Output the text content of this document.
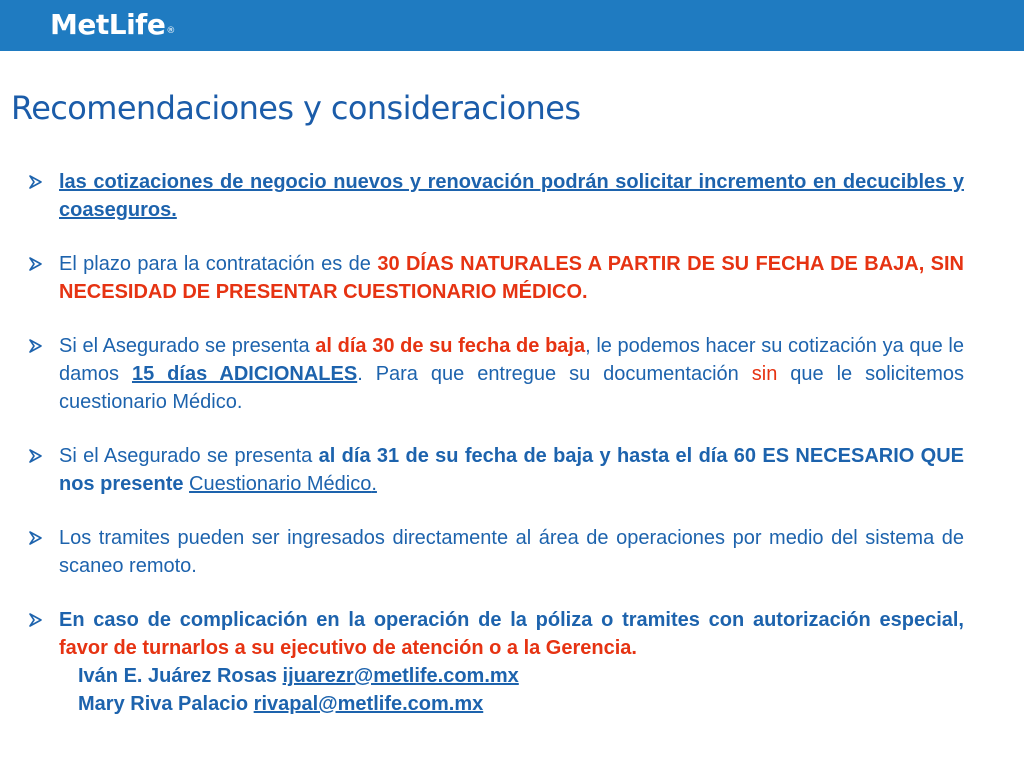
MetLife®
Recomendaciones y consideraciones
las cotizaciones de negocio nuevos y renovación podrán solicitar incremento en decucibles y coaseguros.
El plazo para la contratación es de 30 DÍAS NATURALES A PARTIR DE SU FECHA DE BAJA, SIN NECESIDAD DE PRESENTAR CUESTIONARIO MÉDICO.
Si el Asegurado se presenta al día 30 de su fecha de baja, le podemos hacer su cotización ya que le damos 15 días ADICIONALES. Para que entregue su documentación sin que le solicitemos cuestionario Médico.
Si el Asegurado se presenta al día 31 de su fecha de baja y hasta el día 60 ES NECESARIO QUE nos presente Cuestionario Médico.
Los tramites pueden ser ingresados directamente al área de operaciones por medio del sistema de scaneo remoto.
En caso de complicación en la operación de la póliza o tramites con autorización especial, favor de turnarlos a su ejecutivo de atención o a la Gerencia.
Iván E. Juárez Rosas ijuarezr@metlife.com.mx
Mary Riva Palacio rivapal@metlife.com.mx
